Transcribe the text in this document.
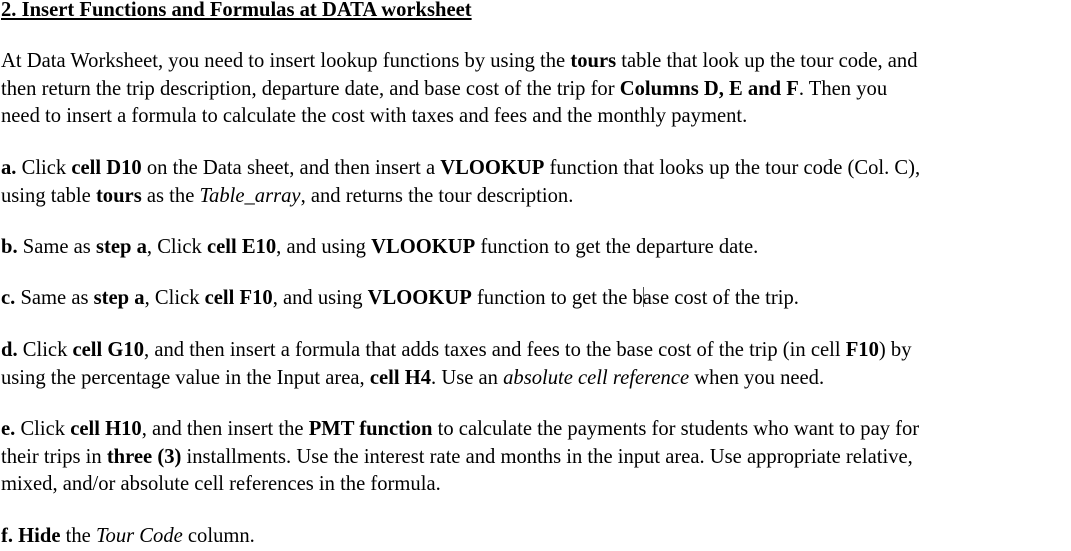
2. Insert Functions and Formulas at DATA worksheet

At Data Worksheet, you need to insert lookup functions by using the tours table that look up the tour code, and
then return the trip description, departure date, and base cost of the trip for Columns D, E and F. Then you
need to insert a formula to calculate the cost with taxes and fees and the monthly payment.

a. Click cell D10 on the Data sheet, and then insert a VLOOKUP function that looks up the tour code (Col. C),
using table tours as the Table_array, and returns the tour description.

b. Same as step a, Click cell E10, and using VLOOKUP function to get the departure date.

c. Same as step a, Click cell F10, and using VLOOKUP function to get the base cost of the trip.

d. Click cell G10, and then insert a formula that adds taxes and fees to the base cost of the trip (in cell F10) by
using the percentage value in the Input area, cell H4. Use an absolute cell reference when you need.

e. Click cell H10, and then insert the PMT function to calculate the payments for students who want to pay for
their trips in three (3) installments. Use the interest rate and months in the input area. Use appropriate relative,
mixed, and/or absolute cell references in the formula.

f. Hide the Tour Code column.
